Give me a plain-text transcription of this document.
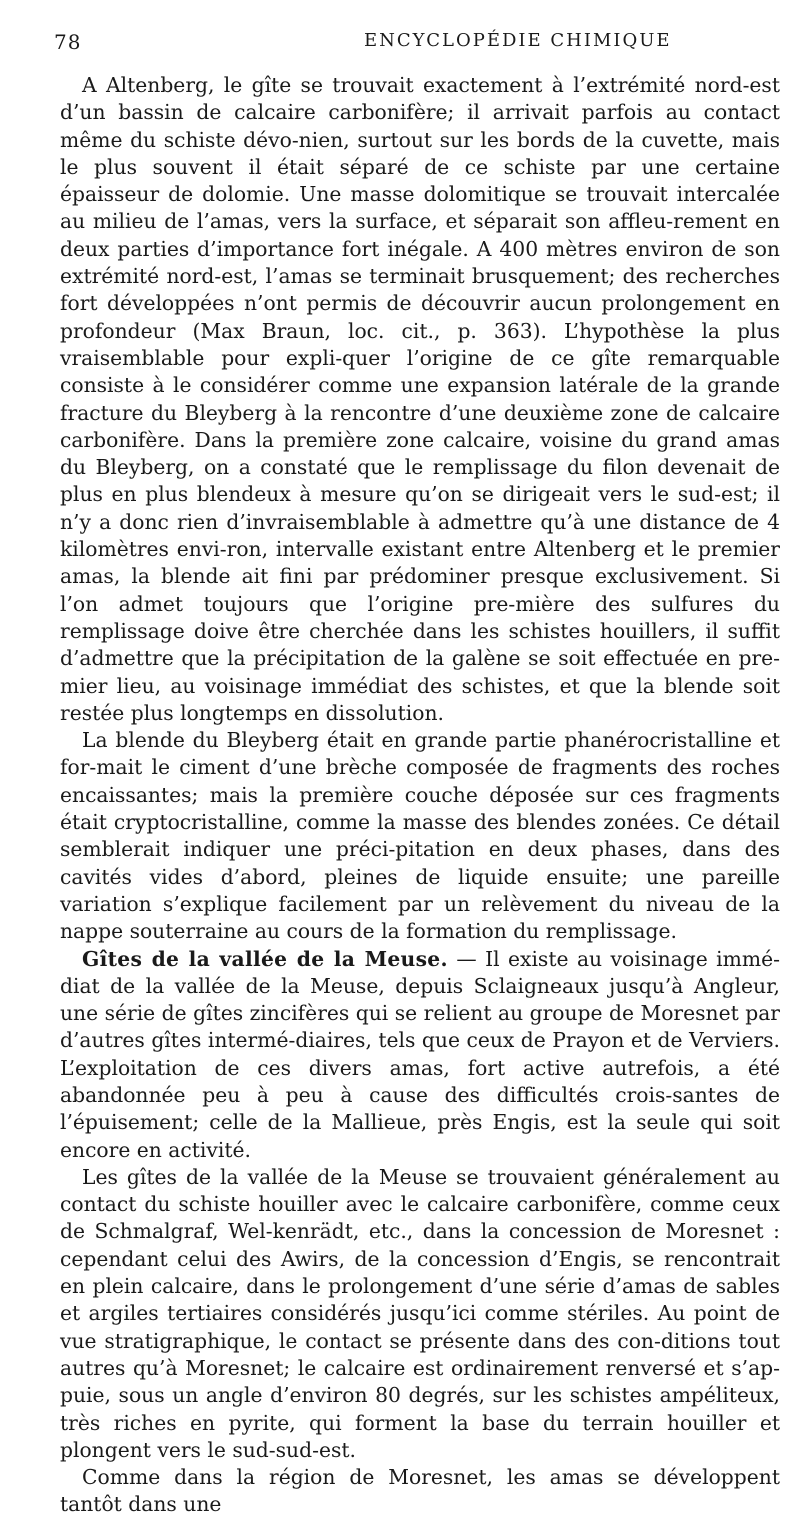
78	ENCYCLOPÉDIE CHIMIQUE

A Altenberg, le gîte se trouvait exactement à l’extrémité nord-est d’un bassin de calcaire carbonifère; il arrivait parfois au contact même du schiste dévo-nien, surtout sur les bords de la cuvette, mais le plus souvent il était séparé de ce schiste par une certaine épaisseur de dolomie. Une masse dolomitique se trouvait intercalée au milieu de l’amas, vers la surface, et séparait son affleu-rement en deux parties d’importance fort inégale. A 400 mètres environ de son extrémité nord-est, l’amas se terminait brusquement; des recherches fort développées n’ont permis de découvrir aucun prolongement en profondeur (Max Braun, loc. cit., p. 363). L’hypothèse la plus vraisemblable pour expli-quer l’origine de ce gîte remarquable consiste à le considérer comme une expansion latérale de la grande fracture du Bleyberg à la rencontre d’une deuxième zone de calcaire carbonifère. Dans la première zone calcaire, voisine du grand amas du Bleyberg, on a constaté que le remplissage du filon devenait de plus en plus blendeux à mesure qu’on se dirigeait vers le sud-est; il n’y a donc rien d’invraisemblable à admettre qu’à une distance de 4 kilomètres envi-ron, intervalle existant entre Altenberg et le premier amas, la blende ait fini par prédominer presque exclusivement. Si l’on admet toujours que l’origine pre-mière des sulfures du remplissage doive être cherchée dans les schistes houillers, il suffit d’admettre que la précipitation de la galène se soit effectuée en pre-mier lieu, au voisinage immédiat des schistes, et que la blende soit restée plus longtemps en dissolution.

La blende du Bleyberg était en grande partie phanérocristalline et for-mait le ciment d’une brèche composée de fragments des roches encaissantes; mais la première couche déposée sur ces fragments était cryptocristalline, comme la masse des blendes zonées. Ce détail semblerait indiquer une préci-pitation en deux phases, dans des cavités vides d’abord, pleines de liquide ensuite; une pareille variation s’explique facilement par un relèvement du niveau de la nappe souterraine au cours de la formation du remplissage.

Gîtes de la vallée de la Meuse. — Il existe au voisinage immé-diat de la vallée de la Meuse, depuis Sclaigneaux jusqu’à Angleur, une série de gîtes zincifères qui se relient au groupe de Moresnet par d’autres gîtes intermé-diaires, tels que ceux de Prayon et de Verviers. L’exploitation de ces divers amas, fort active autrefois, a été abandonnée peu à peu à cause des difficultés crois-santes de l’épuisement; celle de la Mallieue, près Engis, est la seule qui soit encore en activité.

Les gîtes de la vallée de la Meuse se trouvaient généralement au contact du schiste houiller avec le calcaire carbonifère, comme ceux de Schmalgraf, Wel-kenrädt, etc., dans la concession de Moresnet : cependant celui des Awirs, de la concession d’Engis, se rencontrait en plein calcaire, dans le prolongement d’une série d’amas de sables et argiles tertiaires considérés jusqu’ici comme stériles. Au point de vue stratigraphique, le contact se présente dans des con-ditions tout autres qu’à Moresnet; le calcaire est ordinairement renversé et s’ap-puie, sous un angle d’environ 80 degrés, sur les schistes ampéliteux, très riches en pyrite, qui forment la base du terrain houiller et plongent vers le sud-sud-est.

Comme dans la région de Moresnet, les amas se développent tantôt dans une
